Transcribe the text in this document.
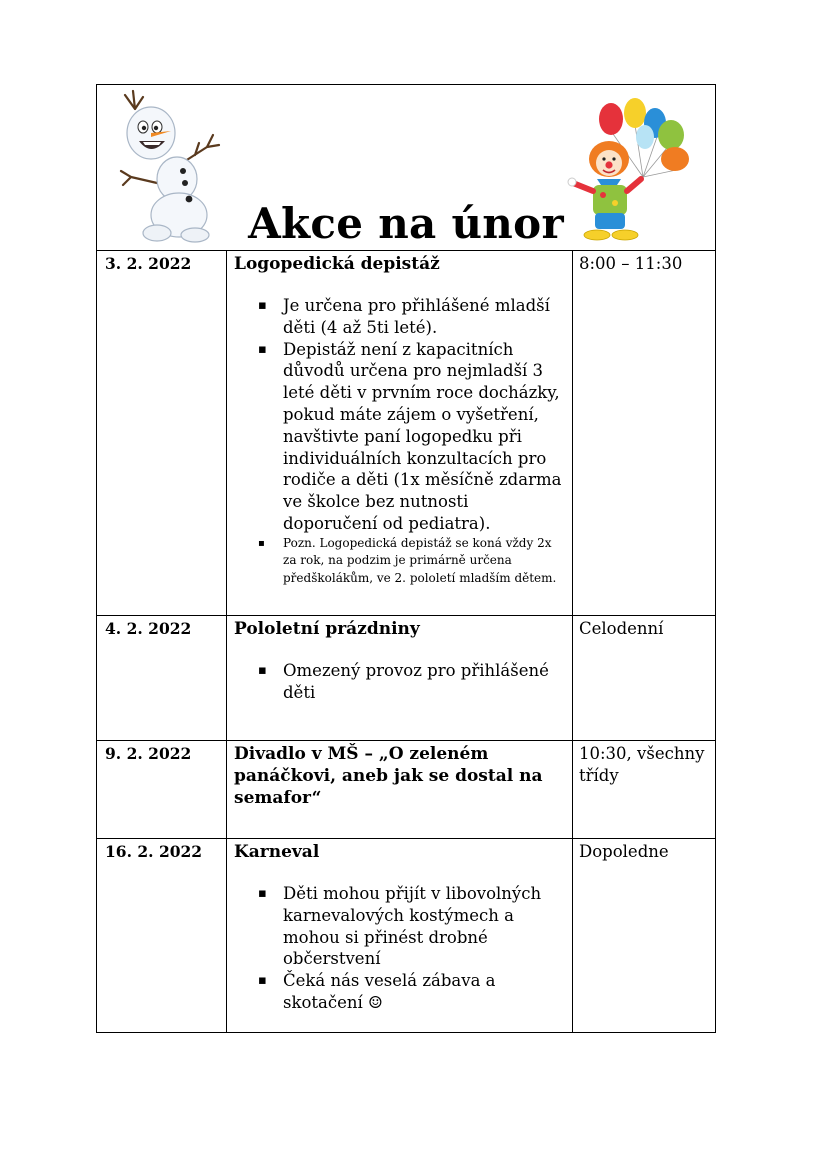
Akce na únor
3. 2. 2022	Logopedická depistáž

▪ Je určena pro přihlášené mladší děti (4 až 5ti leté).
▪ Depistáž není z kapacitních důvodů určena pro nejmladší 3 leté děti v prvním roce docházky, pokud máte zájem o vyšetření, navštivte paní logopedku při individuálních konzultacích pro rodiče a děti (1x měsíčně zdarma ve školce bez nutnosti doporučení od pediatra).
▪ Pozn. Logopedická depistáž se koná vždy 2x za rok, na podzim je primárně určena předškolákům, ve 2. pololetí mladším dětem.
8:00 – 11:30
4. 2. 2022	Pololetní prázdniny

▪ Omezený provoz pro přihlášené děti
Celodenní
9. 2. 2022	Divadlo v MŠ – „O zeleném panáčkovi, aneb jak se dostal na semafor“

10:30, všechny třídy
16. 2. 2022	Karneval

▪ Děti mohou přijít v libovolných karnevalových kostýmech a mohou si přinést drobné občerstvení
▪ Čeká nás veselá zábava a skotačení ☺
Dopoledne
